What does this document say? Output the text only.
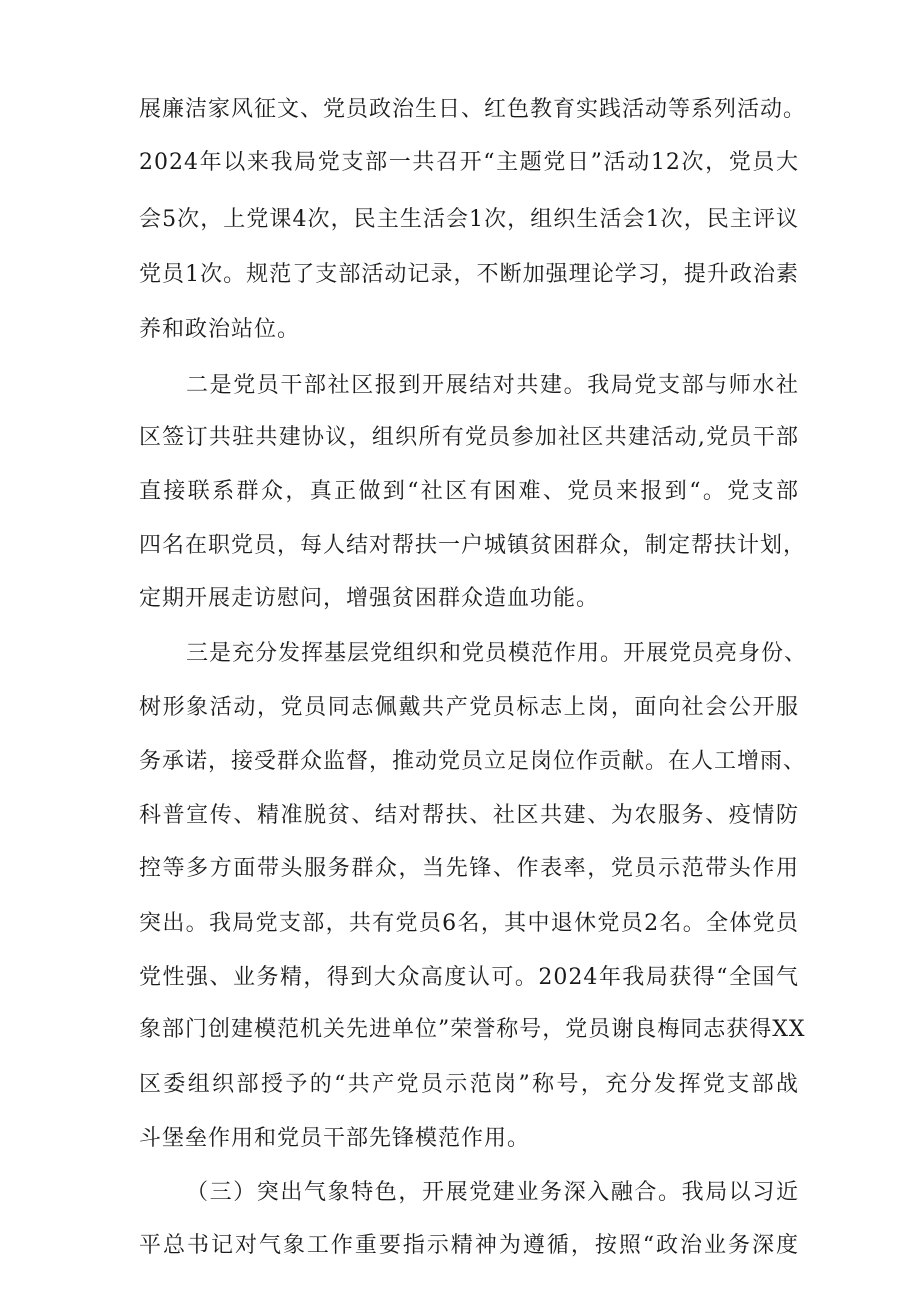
展廉洁家风征文、党员政治生日、红色教育实践活动等系列活动。
2024年以来我局党支部一共召开“主题党日”活动12次，党员大
会5次，上党课4次，民主生活会1次，组织生活会1次，民主评议
党员1次。规范了支部活动记录，不断加强理论学习，提升政治素
养和政治站位。
二是党员干部社区报到开展结对共建。我局党支部与师水社
区签订共驻共建协议，组织所有党员参加社区共建活动,党员干部
直接联系群众，真正做到“社区有困难、党员来报到“。党支部
四名在职党员，每人结对帮扶一户城镇贫困群众，制定帮扶计划，
定期开展走访慰问，增强贫困群众造血功能。
三是充分发挥基层党组织和党员模范作用。开展党员亮身份、
树形象活动，党员同志佩戴共产党员标志上岗，面向社会公开服
务承诺，接受群众监督，推动党员立足岗位作贡献。在人工增雨、
科普宣传、精准脱贫、结对帮扶、社区共建、为农服务、疫情防
控等多方面带头服务群众，当先锋、作表率，党员示范带头作用
突出。我局党支部，共有党员6名，其中退休党员2名。全体党员
党性强、业务精，得到大众高度认可。2024年我局获得“全国气
象部门创建模范机关先进单位”荣誉称号，党员谢良梅同志获得XX
区委组织部授予的“共产党员示范岗”称号，充分发挥党支部战
斗堡垒作用和党员干部先锋模范作用。
（三）突出气象特色，开展党建业务深入融合。我局以习近
平总书记对气象工作重要指示精神为遵循，按照“政治业务深度
